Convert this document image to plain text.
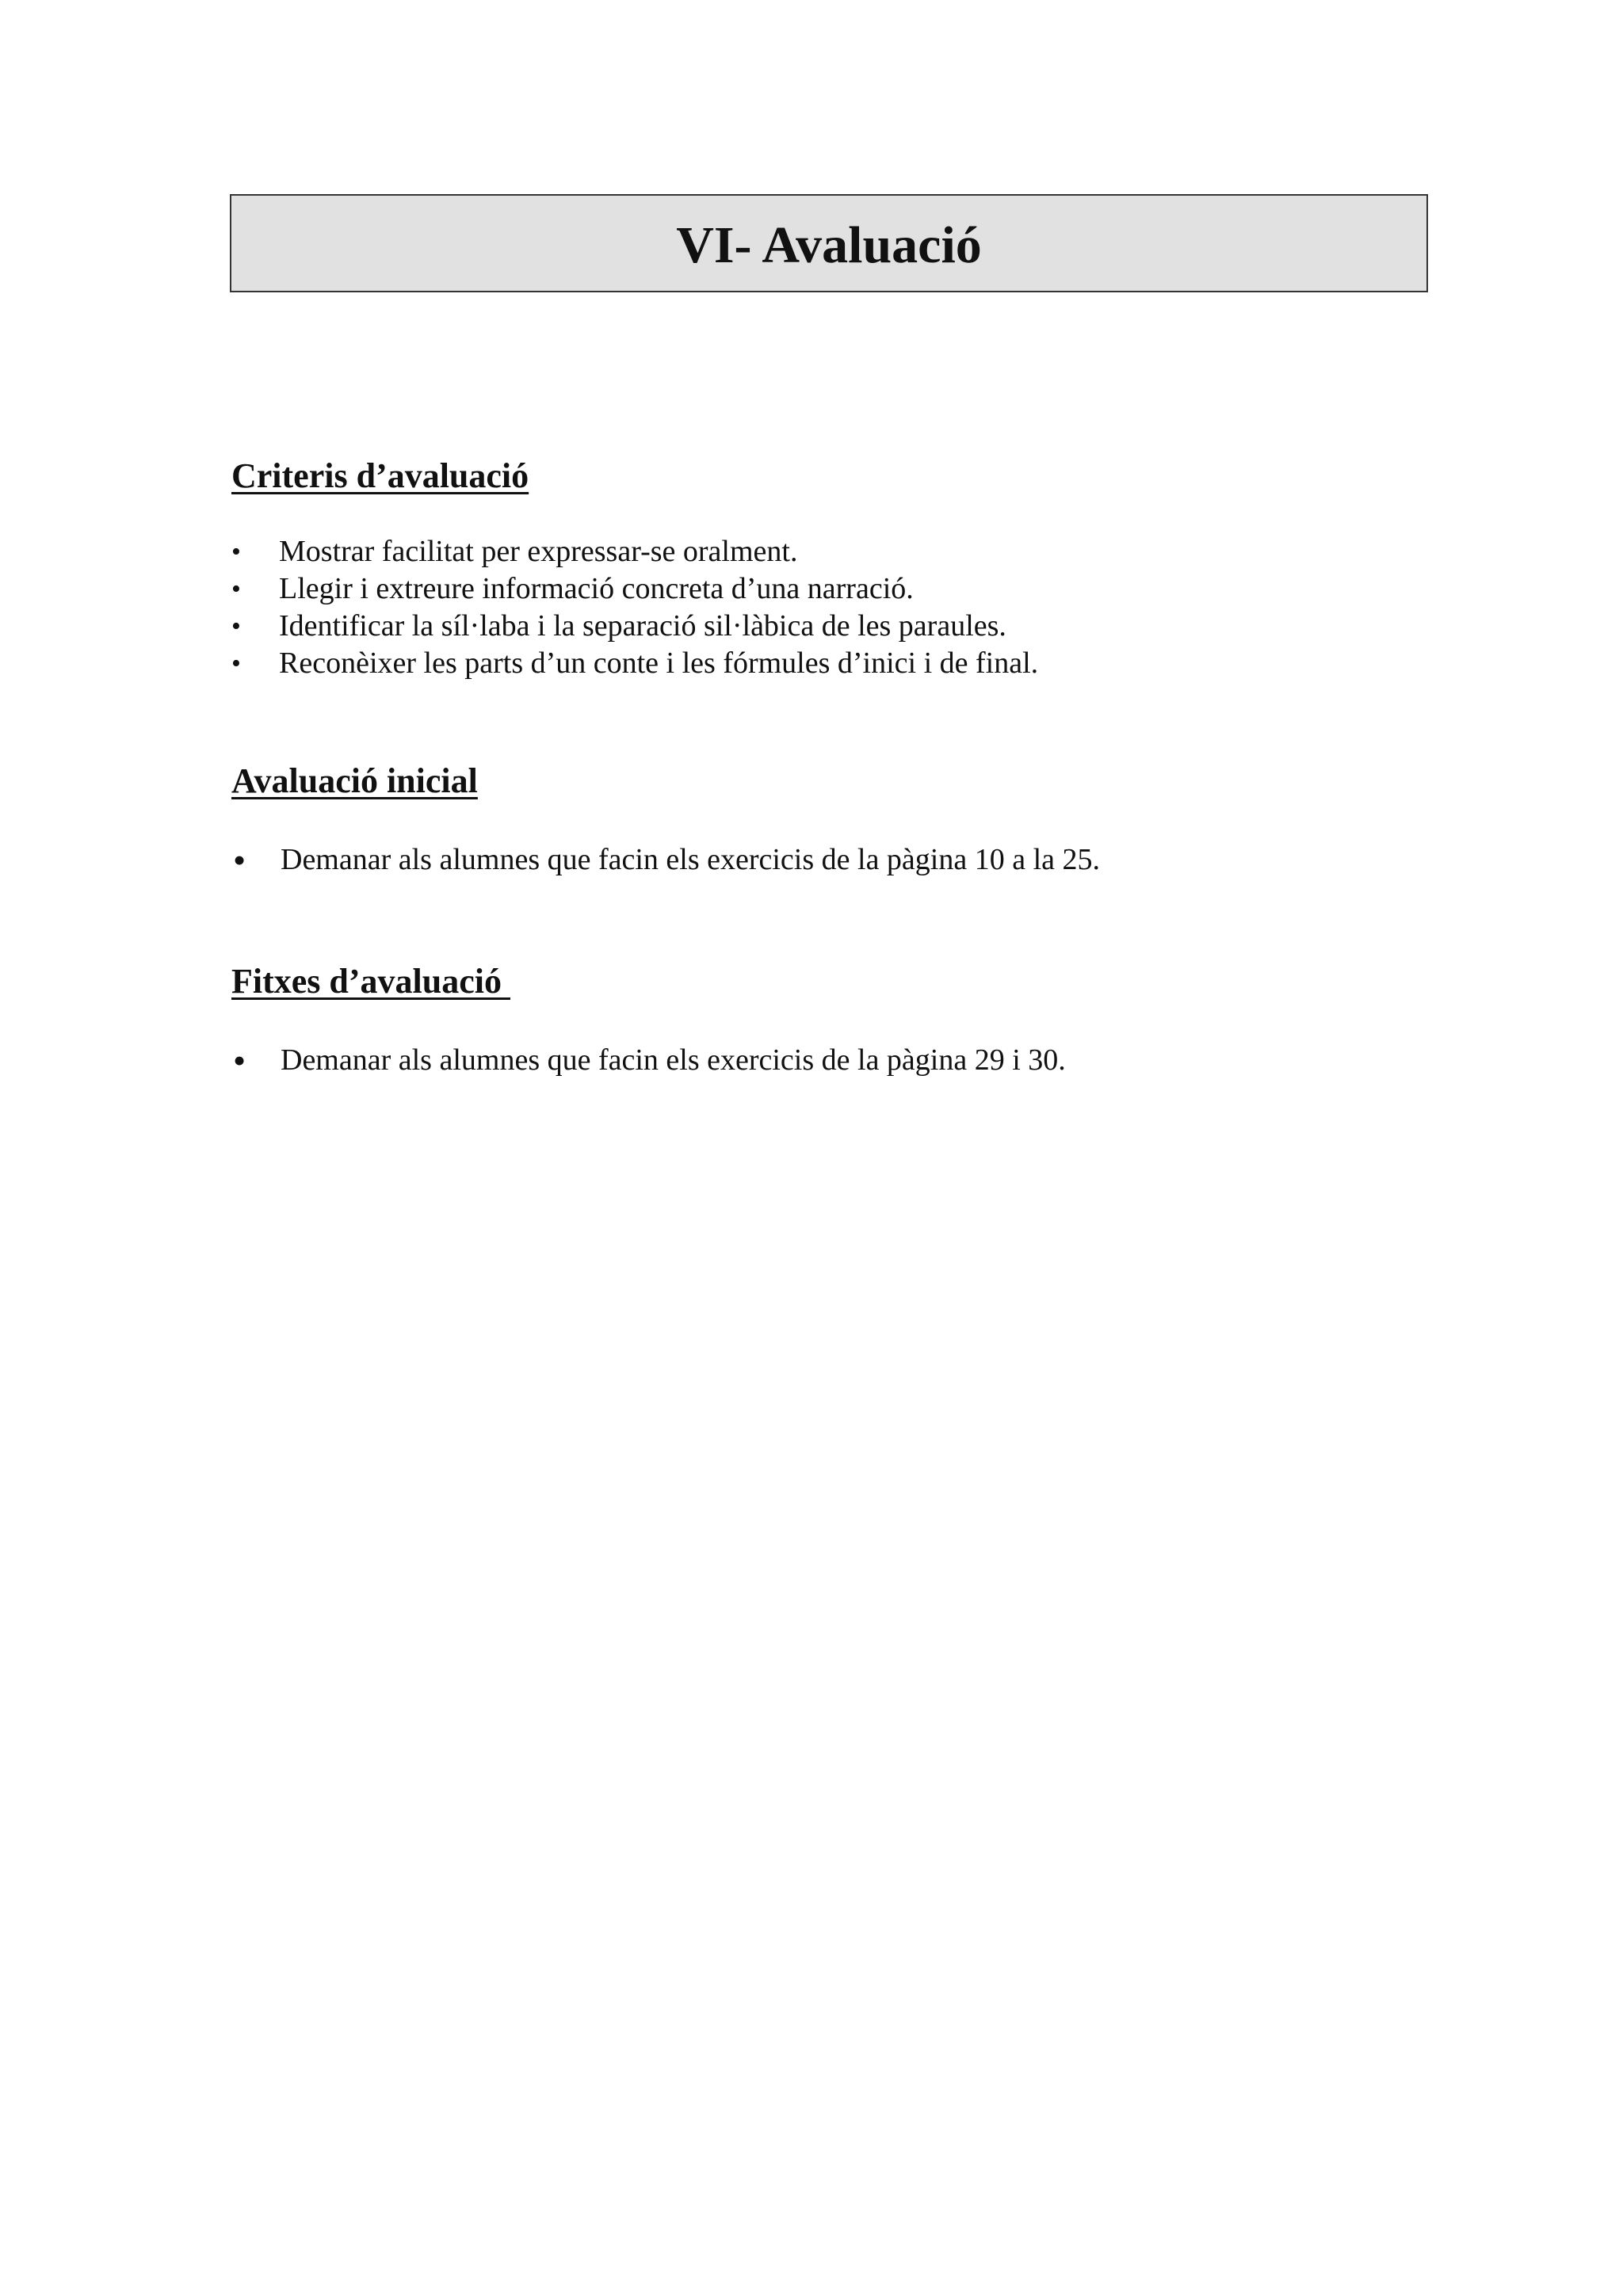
VI- Avaluació
Criteris d’avaluació
•	Mostrar facilitat per expressar-se oralment.
•	Llegir i extreure informació concreta d’una narració.
•	Identificar la síl·laba i la separació sil·làbica de les paraules.
•	Reconèixer les parts d’un conte i les fórmules d’inici i de final.
Avaluació inicial
•	Demanar als alumnes que facin els exercicis de la pàgina 10 a la 25.
Fitxes d’avaluació
•	Demanar als alumnes que facin els exercicis de la pàgina 29 i 30.
